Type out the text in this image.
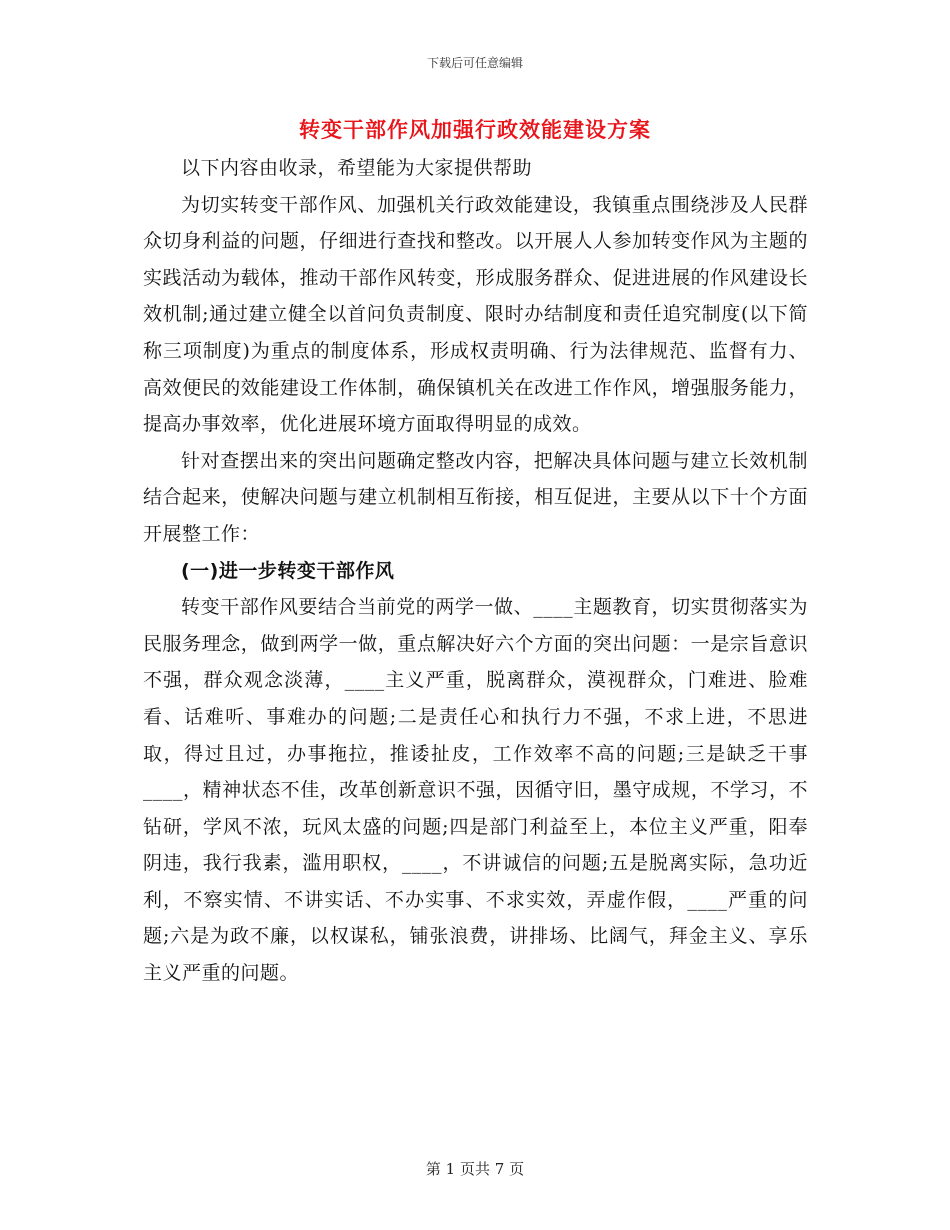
下载后可任意编辑
转变干部作风加强行政效能建设方案

以下内容由收录，希望能为大家提供帮助

为切实转变干部作风、加强机关行政效能建设，我镇重点围绕涉及人民群众切身利益的问题，仔细进行查找和整改。以开展人人参加转变作风为主题的实践活动为载体，推动干部作风转变，形成服务群众、促进进展的作风建设长效机制;通过建立健全以首问负责制度、限时办结制度和责任追究制度(以下简称三项制度)为重点的制度体系，形成权责明确、行为法律规范、监督有力、高效便民的效能建设工作体制，确保镇机关在改进工作作风，增强服务能力，提高办事效率，优化进展环境方面取得明显的成效。

针对查摆出来的突出问题确定整改内容，把解决具体问题与建立长效机制结合起来，使解决问题与建立机制相互衔接，相互促进，主要从以下十个方面开展整工作：

(一)进一步转变干部作风

转变干部作风要结合当前党的两学一做、____主题教育，切实贯彻落实为民服务理念，做到两学一做，重点解决好六个方面的突出问题：一是宗旨意识不强，群众观念淡薄，____主义严重，脱离群众，漠视群众，门难进、脸难看、话难听、事难办的问题;二是责任心和执行力不强，不求上进，不思进取，得过且过，办事拖拉，推诿扯皮，工作效率不高的问题;三是缺乏干事____，精神状态不佳，改革创新意识不强，因循守旧，墨守成规，不学习，不钻研，学风不浓，玩风太盛的问题;四是部门利益至上，本位主义严重，阳奉阴违，我行我素，滥用职权，____，不讲诚信的问题;五是脱离实际，急功近利，不察实情、不讲实话、不办实事、不求实效，弄虚作假，____严重的问题;六是为政不廉，以权谋私，铺张浪费，讲排场、比阔气，拜金主义、享乐主义严重的问题。

第 1 页共 7 页
